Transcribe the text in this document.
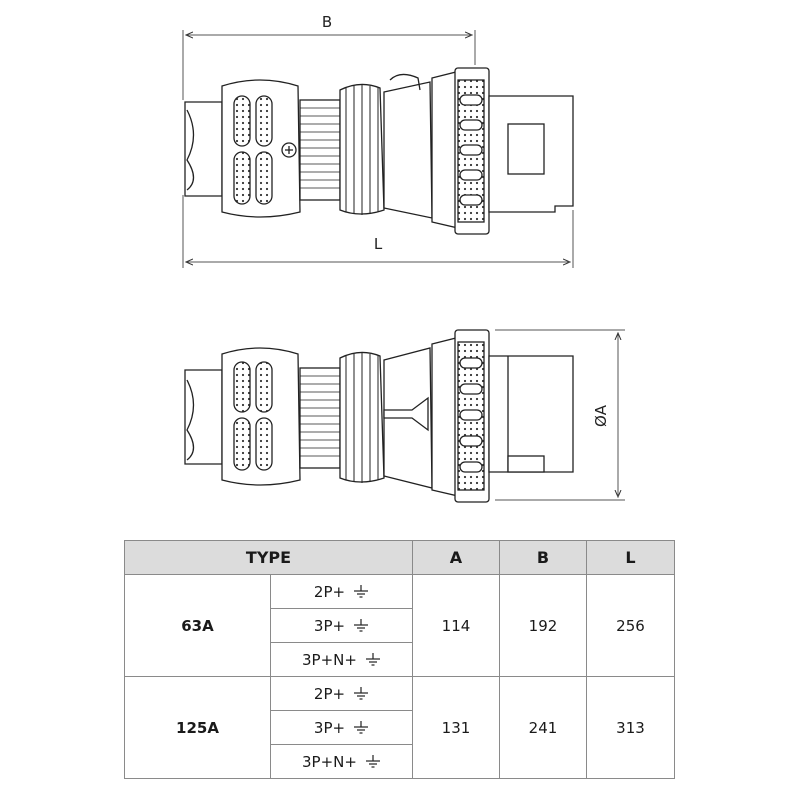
B
L
ØA
TYPE		A	B	L
63A	2P+	114	192	256
	3P+			
	3P+N+			
125A	2P+	131	241	313
	3P+			
	3P+N+			
